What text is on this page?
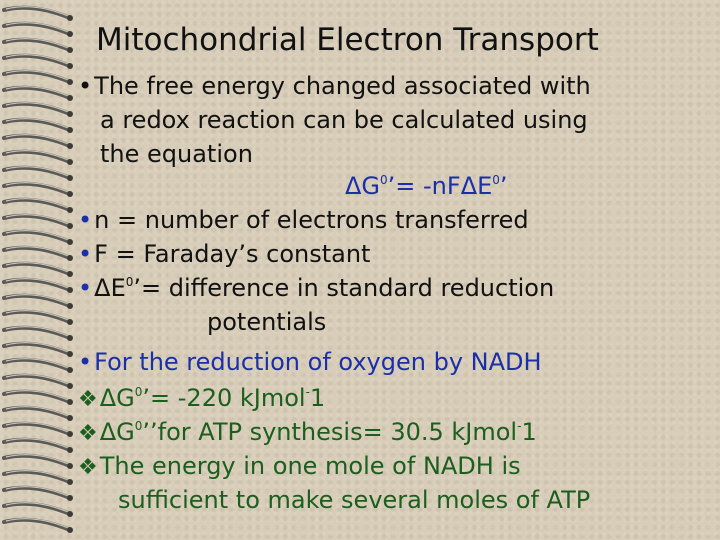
Mitochondrial Electron Transport
•The free energy changed associated with
a redox reaction can be calculated using
the equation
$\Delta G^0’= -nF\Delta E^0$’
•n = number of electrons transferred
•F = Faraday’s constant
$•\Delta E^0’=$ difference in standard reduction
potentials
•For the reduction of oxygen by NADH
$❖\Delta G^0’= -220$ kJmol-1
$❖\Delta G^0’’for$ ATP synthesis= 30.5 kJmol-1
❖The energy in one mole of NADH is
sufficient to make several moles of ATP
